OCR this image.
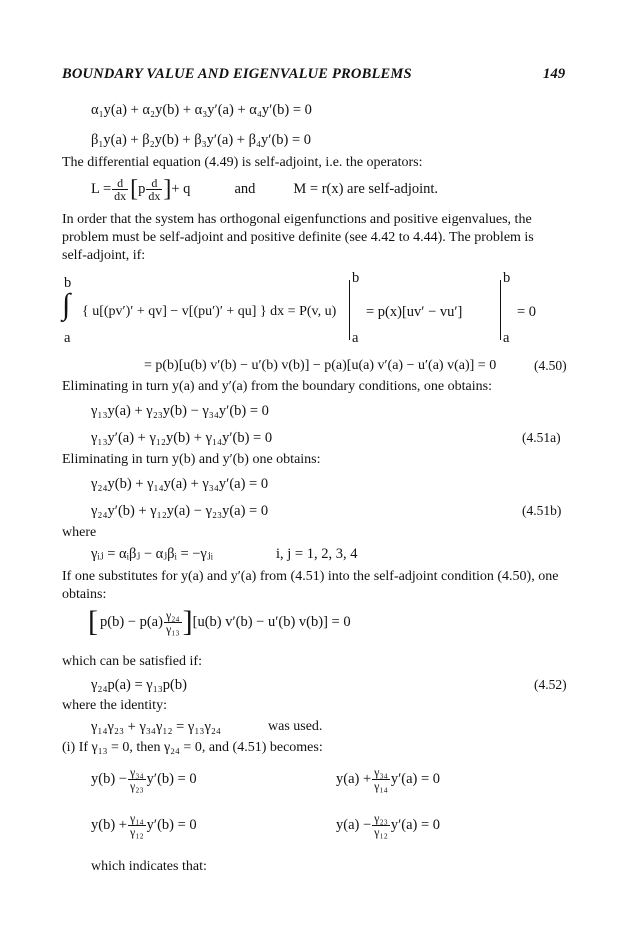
BOUNDARY VALUE AND EIGENVALUE PROBLEMS	149
α₁y(a) + α₂y(b) + α₃y′(a) + α₄y′(b) = 0
β₁y(a) + β₂y(b) + β₃y′(a) + β₄y′(b) = 0
The differential equation (4.49) is self-adjoint, i.e. the operators:
$L = \frac{d}{dx}$ [ p $\frac{d}{dx}$ ] + q	and	M = r(x) are self-adjoint.
In order that the system has orthogonal eigenfunctions and positive eigenvalues, the
problem must be self-adjoint and positive definite (see 4.42 to 4.44). The problem is
self-adjoint, if:
b
∫
a
{ u[(pv′)′ + qv] − v[(pu′)′ + qu] } dx = P(v, u)
b
a
= p(x)[uv′ − vu′]
b
a
= 0
= p(b)[u(b) v′(b) − u′(b) v(b)] − p(a)[u(a) v′(a) − u′(a) v(a)] = 0	(4.50)
Eliminating in turn y(a) and y′(a) from the boundary conditions, one obtains:
γ₁₃y(a) + γ₂₃y(b) − γ₃₄y′(b) = 0
γ₁₃y′(a) + γ₁₂y(b) + γ₁₄y′(b) = 0	(4.51a)
Eliminating in turn y(b) and y′(b) one obtains:
γ₂₄y(b) + γ₁₄y(a) + γ₃₄y′(a) = 0
γ₂₄y′(b) + γ₁₂y(a) − γ₂₃y(a) = 0	(4.51b)
where
γᵢⱼ = αᵢβⱼ − αⱼβᵢ = −γⱼᵢ	i, j = 1, 2, 3, 4
If one substitutes for y(a) and y′(a) from (4.51) into the self-adjoint condition (4.50), one
obtains:
[ $p(b) - p(a) \frac{\text{γ₂₄}}{\text{γ₁₃}}$ ] [u(b) v′(b) − u′(b) v(b)] = 0
which can be satisfied if:
γ₂₄p(a) = γ₁₃p(b)	(4.52)
where the identity:
γ₁₄γ₂₃ + γ₃₄γ₁₂ = γ₁₃γ₂₄	was used.
(i) If γ₁₃ = 0, then γ₂₄ = 0, and (4.51) becomes:
$y(b) - \frac{\text{γ₃₄}}{\text{γ₂₃}} y'(b) = 0$	$y(a) + \frac{\text{γ₃₄}}{\text{γ₁₄}} y'(a) = 0$
$y(b) + \frac{\text{γ₁₄}}{\text{γ₁₂}} y'(b) = 0$	$y(a) - \frac{\text{γ₂₃}}{\text{γ₁₂}} y'(a) = 0$
which indicates that:
